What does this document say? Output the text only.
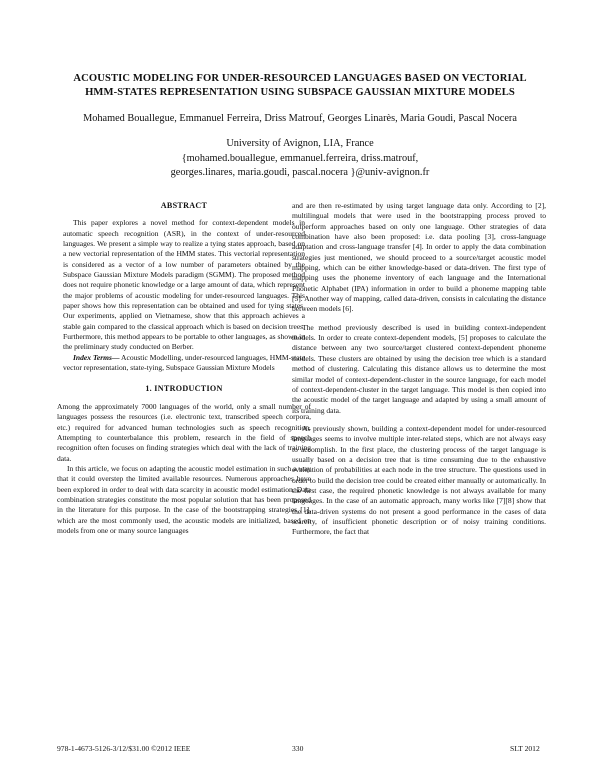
ACOUSTIC MODELING FOR UNDER-RESOURCED LANGUAGES BASED ON VECTORIAL
HMM-STATES REPRESENTATION USING SUBSPACE GAUSSIAN MIXTURE MODELS
Mohamed Bouallegue, Emmanuel Ferreira, Driss Matrouf, Georges Linarès, Maria Goudi, Pascal Nocera
University of Avignon, LIA, France
{mohamed.bouallegue, emmanuel.ferreira, driss.matrouf,
georges.linares, maria.goudi, pascal.nocera }@univ-avignon.fr
ABSTRACT

This paper explores a novel method for context-dependent models in automatic speech recognition (ASR), in the context of under-resourced languages. We present a simple way to realize a tying states approach, based on a new vectorial representation of the HMM states. This vectorial representation is considered as a vector of a low number of parameters obtained by the Subspace Gaussian Mixture Models paradigm (SGMM). The proposed method does not require phonetic knowledge or a large amount of data, which represent the major problems of acoustic modeling for under-resourced languages. This paper shows how this representation can be obtained and used for tying states. Our experiments, applied on Vietnamese, show that this approach achieves a stable gain compared to the classical approach which is based on decision trees. Furthermore, this method appears to be portable to other languages, as shown in the preliminary study conducted on Berber.

Index Terms— Acoustic Modelling, under-resourced languages, HMM-state vector representation, state-tying, Subspace Gaussian Mixture Models

1. INTRODUCTION

Among the approximately 7000 languages of the world, only a small number of languages possess the resources (i.e. electronic text, transcribed speech corpora, etc.) required for advanced human technologies such as speech recognition. Attempting to counterbalance this problem, research in the field of speech recognition often focuses on finding strategies which deal with the lack of training data.

In this article, we focus on adapting the acoustic model estimation in such a way that it could overstep the limited available resources. Numerous approaches have been explored in order to deal with data scarcity in acoustic model estimation. Data combination strategies constitute the most popular solution that has been proposed in the literature for this purpose. In the case of the bootstrapping strategies [1], which are the most commonly used, the acoustic models are initialized, based on models from one or many source languages

and are then re-estimated by using target language data only. According to [2], multilingual models that were used in the bootstrapping process proved to outperform approaches based on only one language. Other strategies of data combination have also been proposed: i.e. data pooling [3], cross-language adaptation and cross-language transfer [4]. In order to apply the data combination strategies just mentioned, we should proceed to a source/target acoustic model mapping, which can be either knowledge-based or data-driven. The first type of mapping uses the phoneme inventory of each language and the International Phonetic Alphabet (IPA) information in order to build a phoneme mapping table [5]. Another way of mapping, called data-driven, consists in calculating the distance between models [6].

The method previously described is used in building context-independent models. In order to create context-dependent models, [5] proposes to calculate the distance between any two source/target clustered context-dependent phoneme models. These clusters are obtained by using the decision tree which is a standard method of clustering. Calculating this distance allows us to determine the most similar model of context-dependent-cluster in the source language, for each model of context-dependent-cluster in the target language. This model is then copied into the acoustic model of the target language and adapted by using a small amount of its training data.

As previously shown, building a context-dependent model for under-resourced languages seems to involve multiple inter-related steps, which are not always easy to accomplish. In the first place, the clustering process of the target language is usually based on a decision tree that is time consuming due to the exhaustive evaluation of probabilities at each node in the tree structure. The questions used in order to build the decision tree could be created either manually or automatically. In the first case, the required phonetic knowledge is not always available for many languages. In the case of an automatic approach, many works like [7][8] show that the data-driven systems do not present a good performance in the cases of data scarcity, of insufficient phonetic description or of noisy training conditions. Furthermore, the fact that

978-1-4673-5126-3/12/$31.00 ©2012 IEEE	330	SLT 2012
